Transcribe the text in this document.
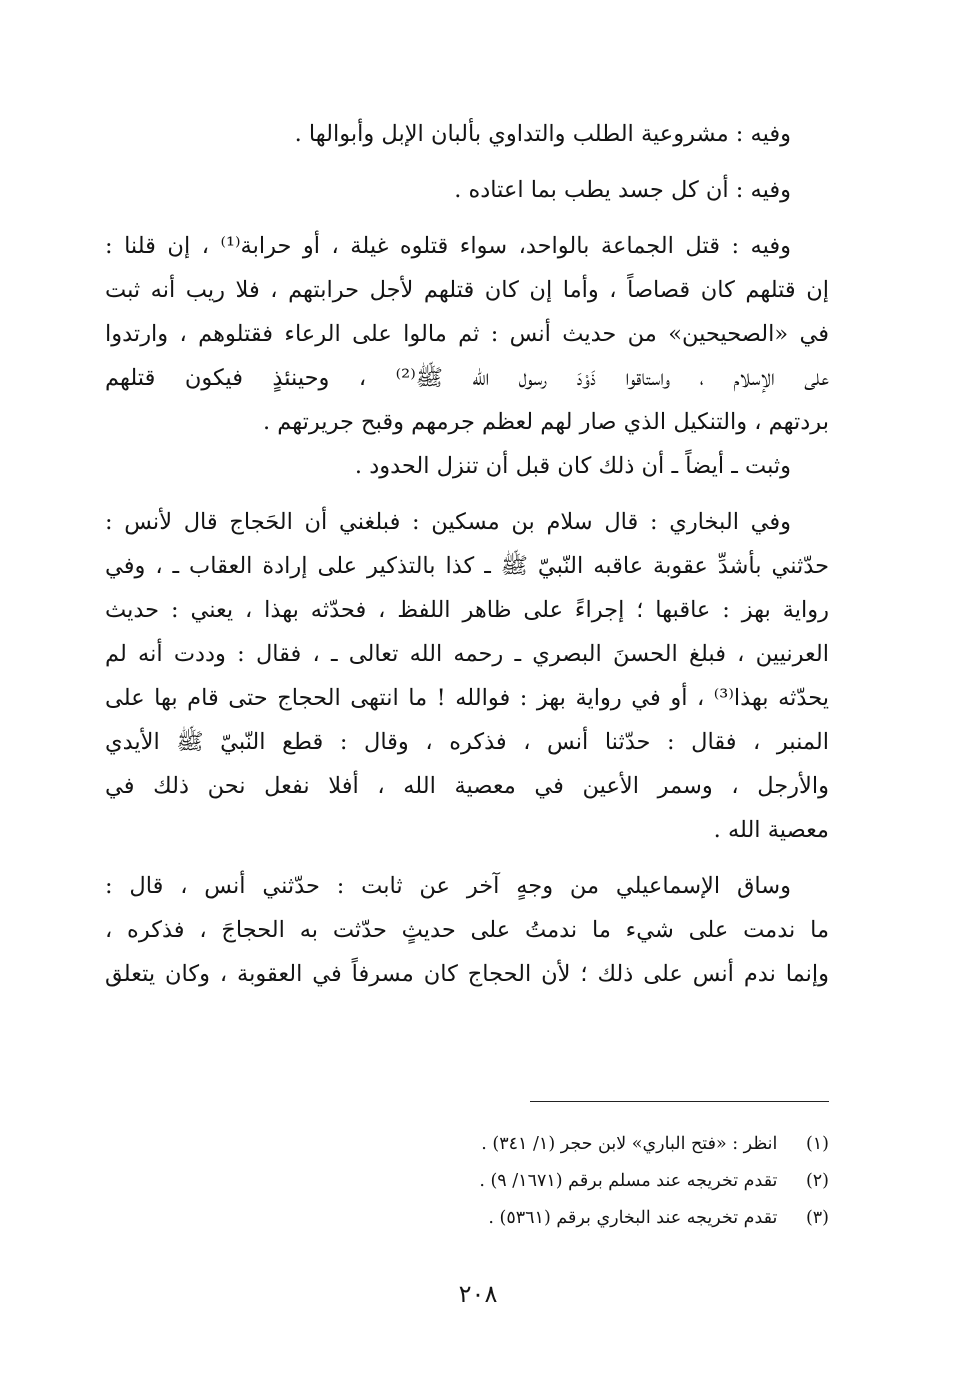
وفيه : مشروعية الطلب والتداوي بألبان الإبل وأبوالها .
وفيه : أن كل جسد يطب بما اعتاده .
وفيه : قتل الجماعة بالواحد، سواء قتلوه غيلة ، أو حرابة⁽¹⁾ ، إن قلنا :
إن قتلهم كان قصاصاً ، وأما إن كان قتلهم لأجل حرابتهم ، فلا ريب أنه ثبت
في «الصحيحين» من حديث أنس : ثم مالوا على الرعاء فقتلوهم ، وارتدوا
على الإسلام ، واستاقوا ذَوْدَ رسول الله ﷺ⁽²⁾ ، وحينئذٍ فيكون قتلهم
بردتهم ، والتنكيل الذي صار لهم لعظم جرمهم وقبح جريرتهم .
وثبت ـ أيضاً ـ أن ذلك كان قبل أن تنزل الحدود .
وفي البخاري : قال سلام بن مسكين : فبلغني أن الحَجاج قال لأنس :
حدّثني بأشدِّ عقوبة عاقبه النّبيّ ﷺ ـ كذا بالتذكير على إرادة العقاب ـ ، وفي
رواية بهز : عاقبها ؛ إجراءً على ظاهر اللفظ ، فحدّثه بهذا ، يعني : حديث
العرنيين ، فبلغ الحسنَ البصري ـ رحمه الله تعالى ـ ، فقال : وددت أنه لم
يحدّثه بهذا⁽³⁾ ، أو في رواية بهز : فوالله ! ما انتهى الحجاج حتى قام بها على
المنبر ، فقال : حدّثنا أنس ، فذكره ، وقال : قطع النّبيّ ﷺ الأيدي
والأرجل ، وسمر الأعين في معصية الله ، أفلا نفعل نحن ذلك في
معصية الله .
وساق الإسماعيلي من وجهٍ آخر عن ثابت : حدّثني أنس ، قال :
ما ندمت على شيء ما ندمتُ على حديثٍ حدّثت به الحجاجَ ، فذكره ،
وإنما ندم أنس على ذلك ؛ لأن الحجاج كان مسرفاً في العقوبة ، وكان يتعلق
(١) انظر : «فتح الباري» لابن حجر (١/ ٣٤١) .
(٢) تقدم تخريجه عند مسلم برقم (١٦٧١/ ٩) .
(٣) تقدم تخريجه عند البخاري برقم (٥٣٦١) .
٢٠٨
